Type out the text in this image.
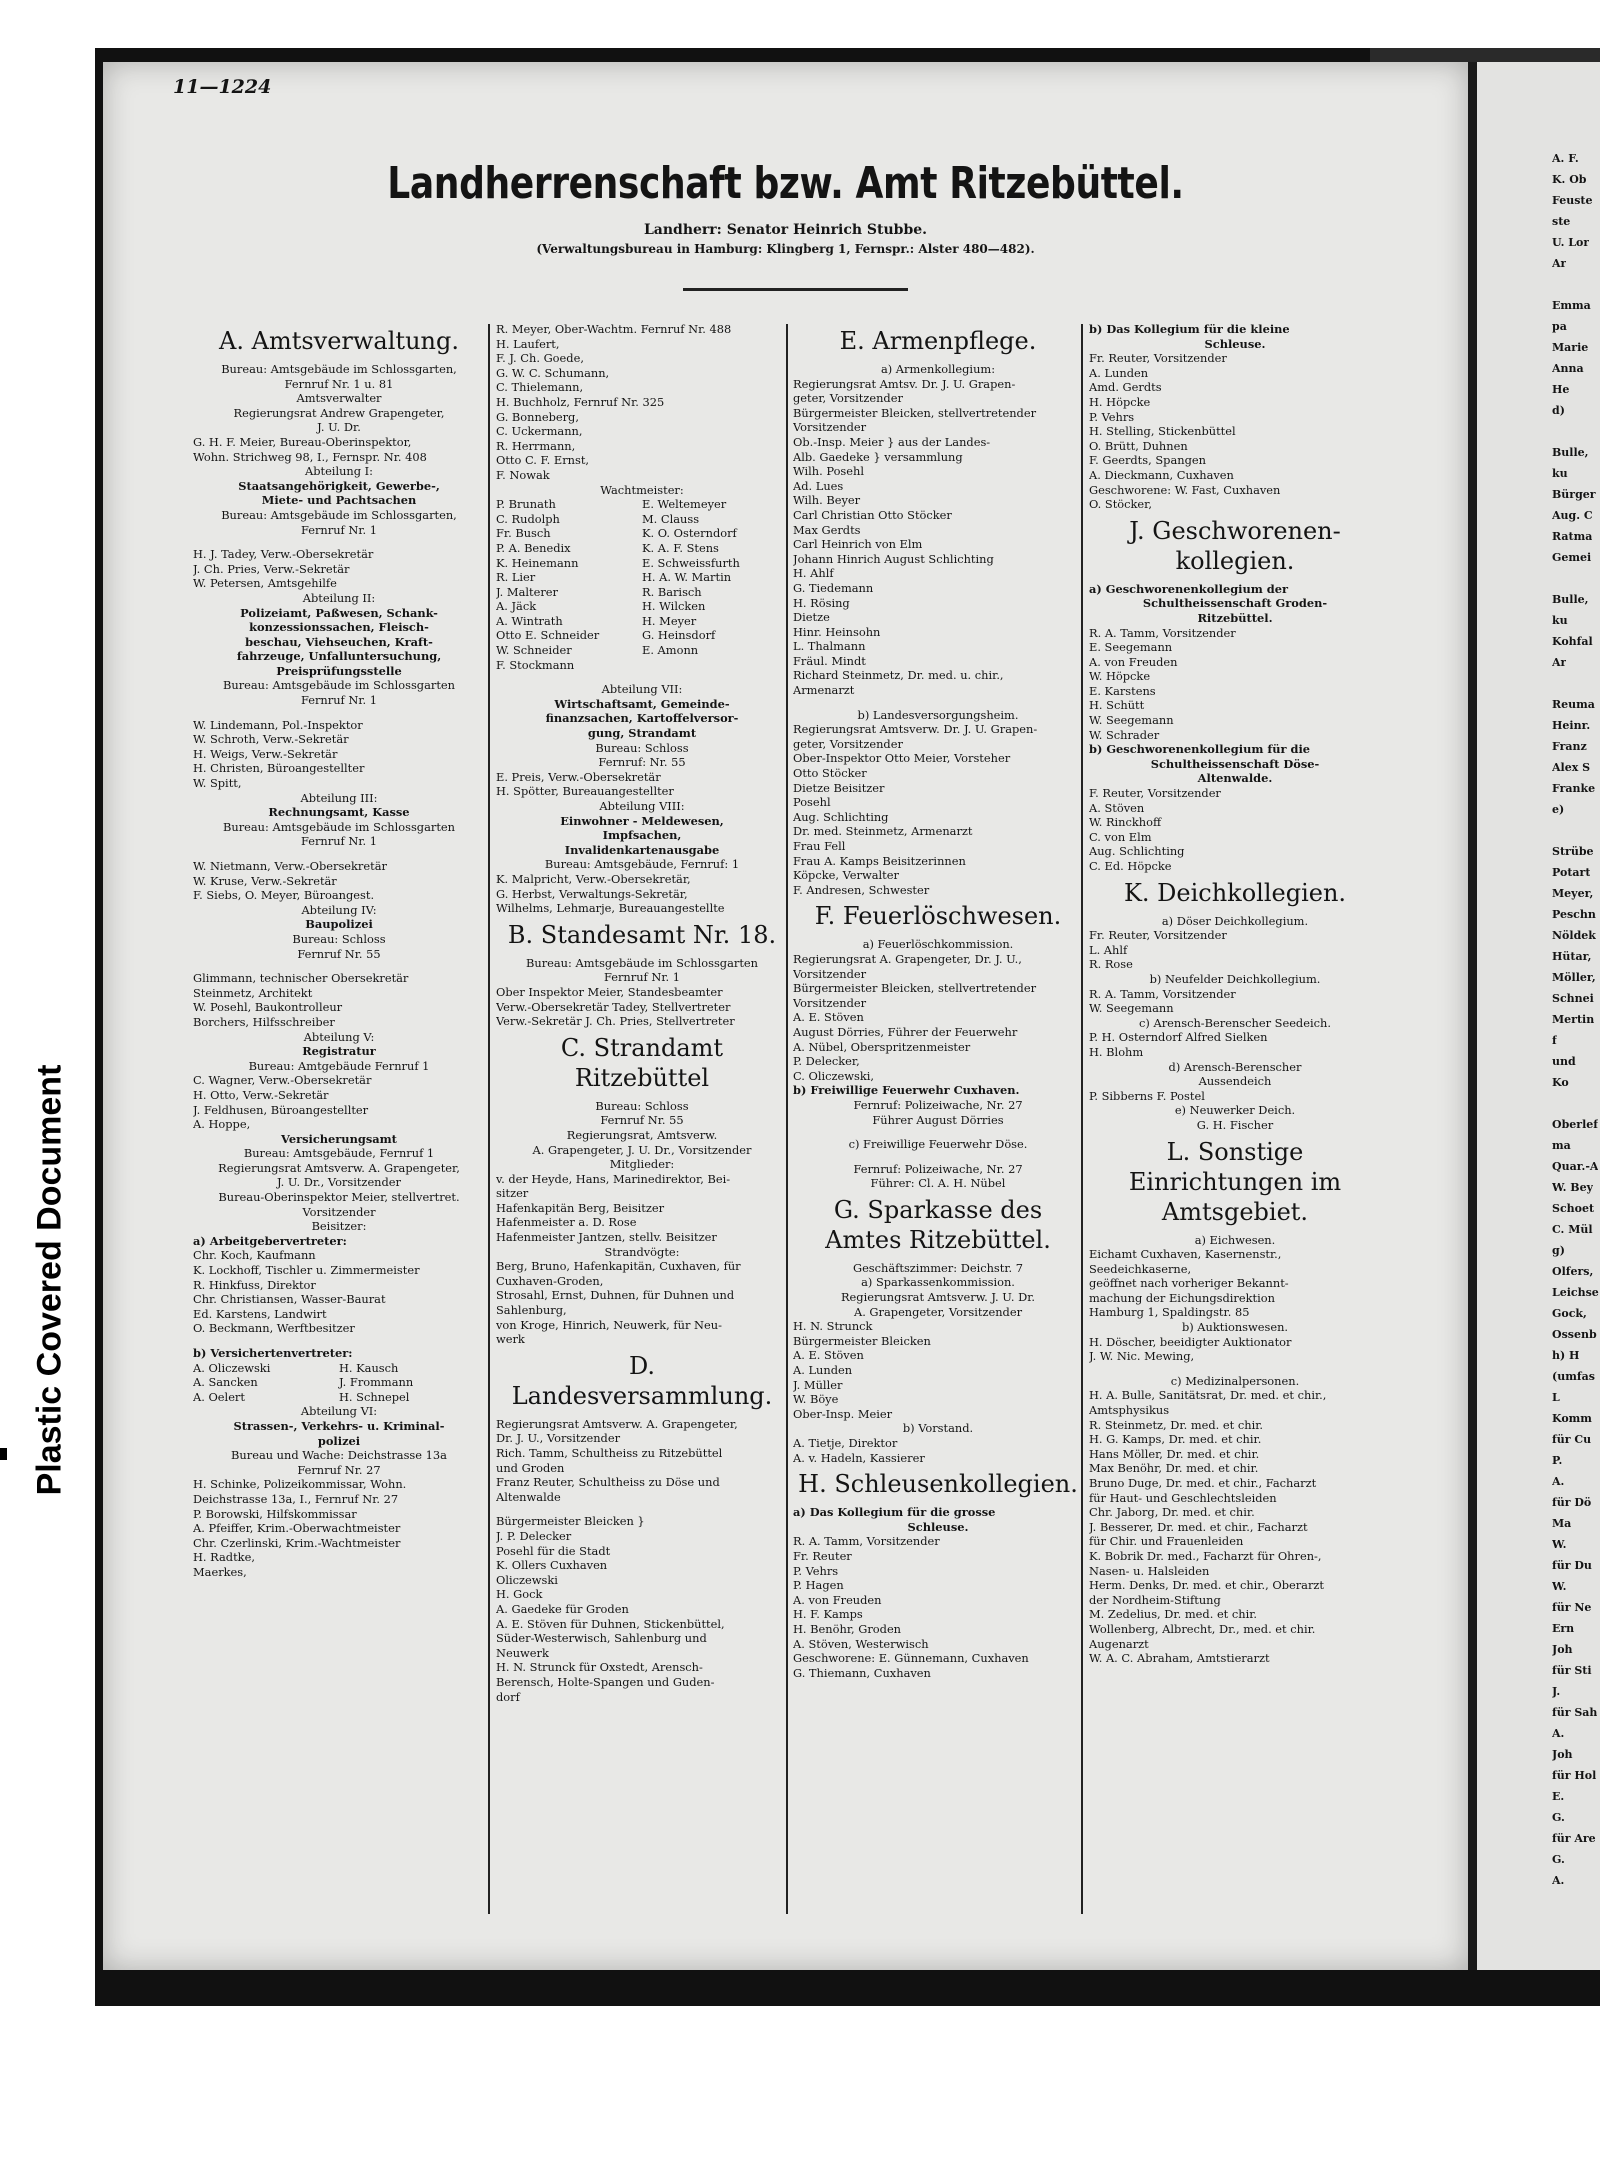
Plastic Covered Document
11—1224
Landherrenschaft bzw. Amt Ritzebüttel.
Landherr: Senator Heinrich Stubbe.
(Verwaltungsbureau in Hamburg: Klingberg 1, Fernspr.: Alster 480—482).
A. Amtsverwaltung.
Bureau: Amtsgebäude im Schlossgarten,
Fernruf Nr. 1 u. 81
Amtsverwalter
Regierungsrat Andrew Grapengeter,
J. U. Dr.
G. H. F. Meier, Bureau-Oberinspektor,
Wohn. Strichweg 98, I., Fernspr. Nr. 408
Abteilung I:
Staatsangehörigkeit, Gewerbe-,
Miete- und Pachtsachen
Bureau: Amtsgebäude im Schlossgarten,
Fernruf Nr. 1
H. J. Tadey, Verw.-Obersekretär
J. Ch. Pries, Verw.-Sekretär
W. Petersen, Amtsgehilfe
Abteilung II:
Polizeiamt, Paßwesen, Schank-
konzessionssachen, Fleisch-
beschau, Viehseuchen, Kraft-
fahrzeuge, Unfalluntersuchung,
Preisprüfungsstelle
Bureau: Amtsgebäude im Schlossgarten
Fernruf Nr. 1
W. Lindemann, Pol.-Inspektor
W. Schroth, Verw.-Sekretär
H. Weigs, Verw.-Sekretär
H. Christen, Büroangestellter
W. Spitt,
Abteilung III:
Rechnungsamt, Kasse
Bureau: Amtsgebäude im Schlossgarten
Fernruf Nr. 1
W. Nietmann, Verw.-Obersekretär
W. Kruse, Verw.-Sekretär
F. Siebs, O. Meyer, Büroangest.
Abteilung IV:
Baupolizei
Bureau: Schloss
Fernruf Nr. 55
Glimmann, technischer Obersekretär
Steinmetz, Architekt
W. Posehl, Baukontrolleur
Borchers, Hilfsschreiber
Abteilung V:
Registratur
Bureau: Amtgebäude Fernruf 1
C. Wagner, Verw.-Obersekretär
H. Otto, Verw.-Sekretär
J. Feldhusen, Büroangestellter
A. Hoppe,
Versicherungsamt
Bureau: Amtsgebäude, Fernruf 1
Regierungsrat Amtsverw. A. Grapengeter,
J. U. Dr., Vorsitzender
Bureau-Oberinspektor Meier, stellvertret.
Vorsitzender
Beisitzer:
a) Arbeitgebervertreter:
Chr. Koch, Kaufmann
K. Lockhoff, Tischler u. Zimmermeister
R. Hinkfuss, Direktor
Chr. Christiansen, Wasser-Baurat
Ed. Karstens, Landwirt
O. Beckmann, Werftbesitzer
b) Versichertenvertreter:
A. Oliczewski	H. Kausch
A. Sancken	J. Frommann
A. Oelert	H. Schnepel
Abteilung VI:
Strassen-, Verkehrs- u. Kriminal-
polizei
Bureau und Wache: Deichstrasse 13a
Fernruf Nr. 27
H. Schinke, Polizeikommissar, Wohn.
Deichstrasse 13a, I., Fernruf Nr. 27
P. Borowski, Hilfskommissar
A. Pfeiffer, Krim.-Oberwachtmeister
Chr. Czerlinski, Krim.-Wachtmeister
H. Radtke,
Maerkes,
R. Meyer, Ober-Wachtm. Fernruf Nr. 488
H. Laufert,
F. J. Ch. Goede,
G. W. C. Schumann,
C. Thielemann,
H. Buchholz, Fernruf Nr. 325
G. Bonneberg,
C. Uckermann,
R. Herrmann,
Otto C. F. Ernst,
F. Nowak
Wachtmeister:
P. Brunath	E. Weltemeyer
C. Rudolph	M. Clauss
Fr. Busch	K. O. Osterndorf
P. A. Benedix	K. A. F. Stens
K. Heinemann	E. Schweissfurth
R. Lier	H. A. W. Martin
J. Malterer	R. Barisch
A. Jäck	H. Wilcken
A. Wintrath	H. Meyer
Otto E. Schneider	G. Heinsdorf
W. Schneider	E. Amonn
F. Stockmann
Abteilung VII:
Wirtschaftsamt, Gemeinde-
finanzsachen, Kartoffelversor-
gung, Strandamt
Bureau: Schloss
Fernruf: Nr. 55
E. Preis, Verw.-Obersekretär
H. Spötter, Bureauangestellter
Abteilung VIII:
Einwohner - Meldewesen,
Impfsachen,
Invalidenkartenausgabe
Bureau: Amtsgebäude, Fernruf: 1
K. Malpricht, Verw.-Obersekretär,
G. Herbst, Verwaltungs-Sekretär,
Wilhelms, Lehmarje, Bureauangestellte
B. Standesamt Nr. 18.
Bureau: Amtsgebäude im Schlossgarten
Fernruf Nr. 1
Ober Inspektor Meier, Standesbeamter
Verw.-Obersekretär Tadey, Stellvertreter
Verw.-Sekretär J. Ch. Pries, Stellvertreter
C. Strandamt Ritzebüttel
Bureau: Schloss
Fernruf Nr. 55
Regierungsrat, Amtsverw.
A. Grapengeter, J. U. Dr., Vorsitzender
Mitglieder:
v. der Heyde, Hans, Marinedirektor, Bei-
sitzer
Hafenkapitän Berg, Beisitzer
Hafenmeister a. D. Rose
Hafenmeister Jantzen, stellv. Beisitzer
Strandvögte:
Berg, Bruno, Hafenkapitän, Cuxhaven, für
Cuxhaven-Groden,
Strosahl, Ernst, Duhnen, für Duhnen und
Sahlenburg,
von Kroge, Hinrich, Neuwerk, für Neu-
werk
D. Landesversammlung.
Regierungsrat Amtsverw. A. Grapengeter,
Dr. J. U., Vorsitzender
Rich. Tamm, Schultheiss zu Ritzebüttel
und Groden
Franz Reuter, Schultheiss zu Döse und
Altenwalde
Bürgermeister Bleicken }
J. P. Delecker
Posehl für die Stadt
K. Ollers Cuxhaven
Oliczewski
H. Gock
A. Gaedeke für Groden
A. E. Stöven für Duhnen, Stickenbüttel,
Süder-Westerwisch, Sahlenburg und
Neuwerk
H. N. Strunck für Oxstedt, Arensch-
Berensch, Holte-Spangen und Guden-
dorf
E. Armenpflege.
a) Armenkollegium:
Regierungsrat Amtsv. Dr. J. U. Grapen-
geter, Vorsitzender
Bürgermeister Bleicken, stellvertretender
Vorsitzender
Ob.-Insp. Meier } aus der Landes-
Alb. Gaedeke } versammlung
Wilh. Posehl
Ad. Lues
Wilh. Beyer
Carl Christian Otto Stöcker
Max Gerdts
Carl Heinrich von Elm
Johann Hinrich August Schlichting
H. Ahlf
G. Tiedemann
H. Rösing
Dietze
Hinr. Heinsohn
L. Thalmann
Fräul. Mindt
Richard Steinmetz, Dr. med. u. chir.,
Armenarzt
b) Landesversorgungsheim.
Regierungsrat Amtsverw. Dr. J. U. Grapen-
geter, Vorsitzender
Ober-Inspektor Otto Meier, Vorsteher
Otto Stöcker
Dietze Beisitzer
Posehl
Aug. Schlichting
Dr. med. Steinmetz, Armenarzt
Frau Fell
Frau A. Kamps Beisitzerinnen
Köpcke, Verwalter
F. Andresen, Schwester
F. Feuerlöschwesen.
a) Feuerlöschkommission.
Regierungsrat A. Grapengeter, Dr. J. U.,
Vorsitzender
Bürgermeister Bleicken, stellvertretender
Vorsitzender
A. E. Stöven
August Dörries, Führer der Feuerwehr
A. Nübel, Oberspritzenmeister
P. Delecker,
C. Oliczewski,
b) Freiwillige Feuerwehr Cuxhaven.
Fernruf: Polizeiwache, Nr. 27
Führer August Dörries
c) Freiwillige Feuerwehr Döse.
Fernruf: Polizeiwache, Nr. 27
Führer: Cl. A. H. Nübel
G. Sparkasse des Amtes Ritzebüttel.
Geschäftszimmer: Deichstr. 7
a) Sparkassenkommission.
Regierungsrat Amtsverw. J. U. Dr.
A. Grapengeter, Vorsitzender
H. N. Strunck
Bürgermeister Bleicken
A. E. Stöven
A. Lunden
J. Müller
W. Böye
Ober-Insp. Meier
b) Vorstand.
A. Tietje, Direktor
A. v. Hadeln, Kassierer
H. Schleusenkollegien.
a) Das Kollegium für die grosse
Schleuse.
R. A. Tamm, Vorsitzender
Fr. Reuter
P. Vehrs
P. Hagen
A. von Freuden
H. F. Kamps
H. Benöhr, Groden
A. Stöven, Westerwisch
Geschworene: E. Günnemann, Cuxhaven
G. Thiemann, Cuxhaven
b) Das Kollegium für die kleine
Schleuse.
Fr. Reuter, Vorsitzender
A. Lunden
Amd. Gerdts
H. Höpcke
P. Vehrs
H. Stelling, Stickenbüttel
O. Brütt, Duhnen
F. Geerdts, Spangen
A. Dieckmann, Cuxhaven
Geschworene: W. Fast, Cuxhaven
O. Stöcker,
J. Geschworenen-kollegien.
a) Geschworenenkollegium der
Schultheissenschaft Groden-
Ritzebüttel.
R. A. Tamm, Vorsitzender
E. Seegemann
A. von Freuden
W. Höpcke
E. Karstens
H. Schütt
W. Seegemann
W. Schrader
b) Geschworenenkollegium für die
Schultheissenschaft Döse-
Altenwalde.
F. Reuter, Vorsitzender
A. Stöven
W. Rinckhoff
C. von Elm
Aug. Schlichting
C. Ed. Höpcke
K. Deichkollegien.
a) Döser Deichkollegium.
Fr. Reuter, Vorsitzender
L. Ahlf
R. Rose
b) Neufelder Deichkollegium.
R. A. Tamm, Vorsitzender
W. Seegemann
c) Arensch-Berenscher Seedeich.
P. H. Osterndorf Alfred Sielken
H. Blohm
d) Arensch-Berenscher
Aussendeich
P. Sibberns F. Postel
e) Neuwerker Deich.
G. H. Fischer
L. Sonstige Einrichtungen im Amtsgebiet.
a) Eichwesen.
Eichamt Cuxhaven, Kasernenstr.,
Seedeichkaserne,
geöffnet nach vorheriger Bekannt-
machung der Eichungsdirektion
Hamburg 1, Spaldingstr. 85
b) Auktionswesen.
H. Döscher, beeidigter Auktionator
J. W. Nic. Mewing,
c) Medizinalpersonen.
H. A. Bulle, Sanitätsrat, Dr. med. et chir.,
Amtsphysikus
R. Steinmetz, Dr. med. et chir.
H. G. Kamps, Dr. med. et chir.
Hans Möller, Dr. med. et chir.
Max Benöhr, Dr. med. et chir.
Bruno Duge, Dr. med. et chir., Facharzt
für Haut- und Geschlechtsleiden
Chr. Jaborg, Dr. med. et chir.
J. Besserer, Dr. med. et chir., Facharzt
für Chir. und Frauenleiden
K. Bobrik Dr. med., Facharzt für Ohren-,
Nasen- u. Halsleiden
Herm. Denks, Dr. med. et chir., Oberarzt
der Nordheim-Stiftung
M. Zedelius, Dr. med. et chir.
Wollenberg, Albrecht, Dr., med. et chir.
Augenarzt
W. A. C. Abraham, Amtstierarzt
A. F.
K. Ob
Feuste
ste
U. Lor
Ar
Emma
pa
Marie
Anna
He
d)
Bulle,
ku
Bürger
Aug. C
Ratma
Gemei
Bulle,
ku
Kohfal
Ar
Reuma
Heinr.
Franz
Alex S
Franke
e)
Strübe
Potart
Meyer,
Peschn
Nöldek
Hütar,
Möller,
Schnei
Mertin
f
und
Ko
Oberlef
ma
Quar.-A
W. Bey
Schoet
C. Mül
g)
Olfers,
Leichse
Gock,
Ossenb
h) H
(umfas
L
Komm
für Cu
P.
A.
für Dö
Ma
W.
für Du
W.
für Ne
Ern
Joh
für Sti
J.
für Sah
A.
Joh
für Hol
E.
G.
für Are
G.
A.
